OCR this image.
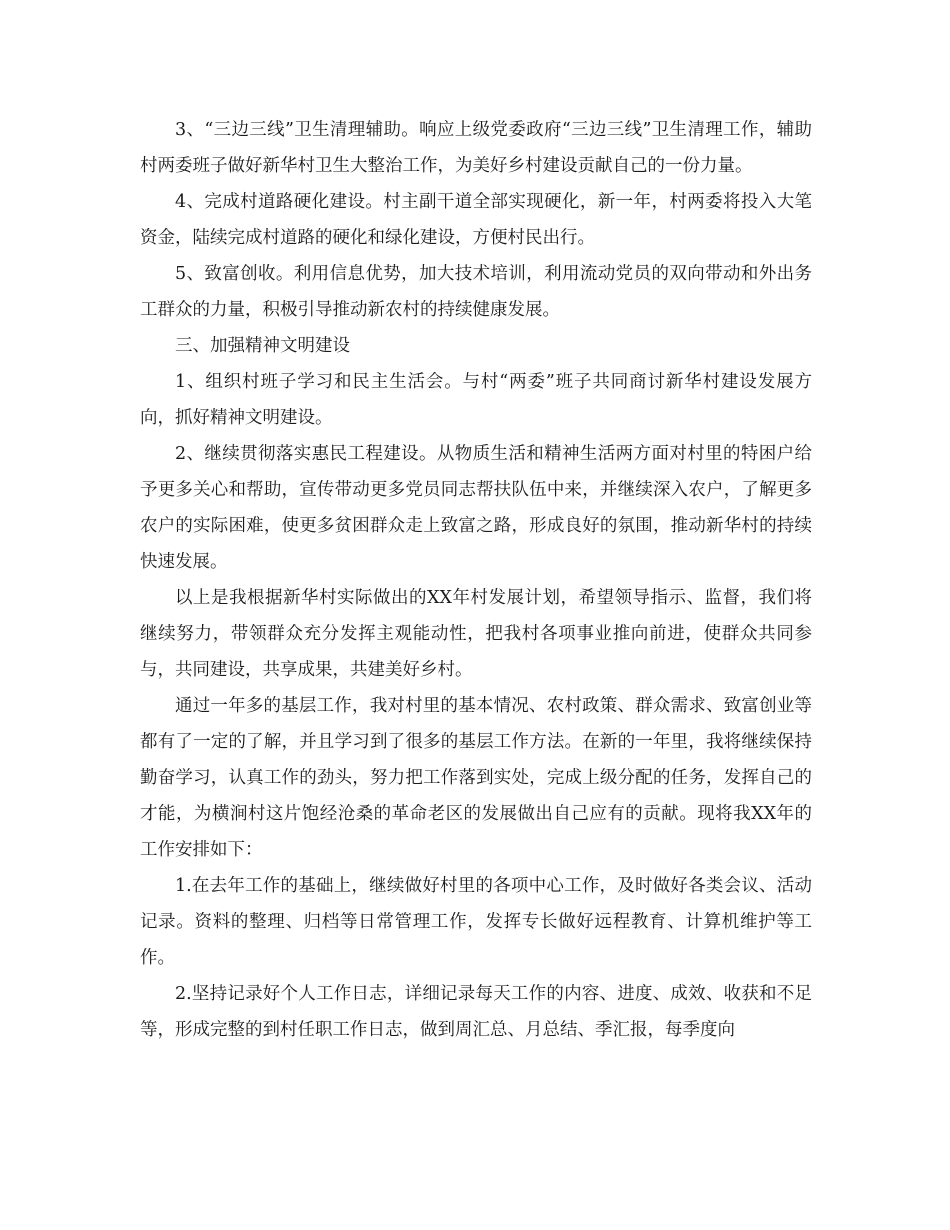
3、“三边三线”卫生清理辅助。响应上级党委政府“三边三线”卫生清理工作，辅助村两委班子做好新华村卫生大整治工作，为美好乡村建设贡献自己的一份力量。

4、完成村道路硬化建设。村主副干道全部实现硬化，新一年，村两委将投入大笔资金，陆续完成村道路的硬化和绿化建设，方便村民出行。

5、致富创收。利用信息优势，加大技术培训，利用流动党员的双向带动和外出务工群众的力量，积极引导推动新农村的持续健康发展。

三、加强精神文明建设

1、组织村班子学习和民主生活会。与村“两委”班子共同商讨新华村建设发展方向，抓好精神文明建设。

2、继续贯彻落实惠民工程建设。从物质生活和精神生活两方面对村里的特困户给予更多关心和帮助，宣传带动更多党员同志帮扶队伍中来，并继续深入农户，了解更多农户的实际困难，使更多贫困群众走上致富之路，形成良好的氛围，推动新华村的持续快速发展。

以上是我根据新华村实际做出的XX年村发展计划，希望领导指示、监督，我们将继续努力，带领群众充分发挥主观能动性，把我村各项事业推向前进，使群众共同参与，共同建设，共享成果，共建美好乡村。

通过一年多的基层工作，我对村里的基本情况、农村政策、群众需求、致富创业等都有了一定的了解，并且学习到了很多的基层工作方法。在新的一年里，我将继续保持勤奋学习，认真工作的劲头，努力把工作落到实处，完成上级分配的任务，发挥自己的才能，为横涧村这片饱经沧桑的革命老区的发展做出自己应有的贡献。现将我XX年的工作安排如下：

1.在去年工作的基础上，继续做好村里的各项中心工作，及时做好各类会议、活动记录。资料的整理、归档等日常管理工作，发挥专长做好远程教育、计算机维护等工作。

2.坚持记录好个人工作日志，详细记录每天工作的内容、进度、成效、收获和不足等，形成完整的到村任职工作日志，做到周汇总、月总结、季汇报，每季度向
